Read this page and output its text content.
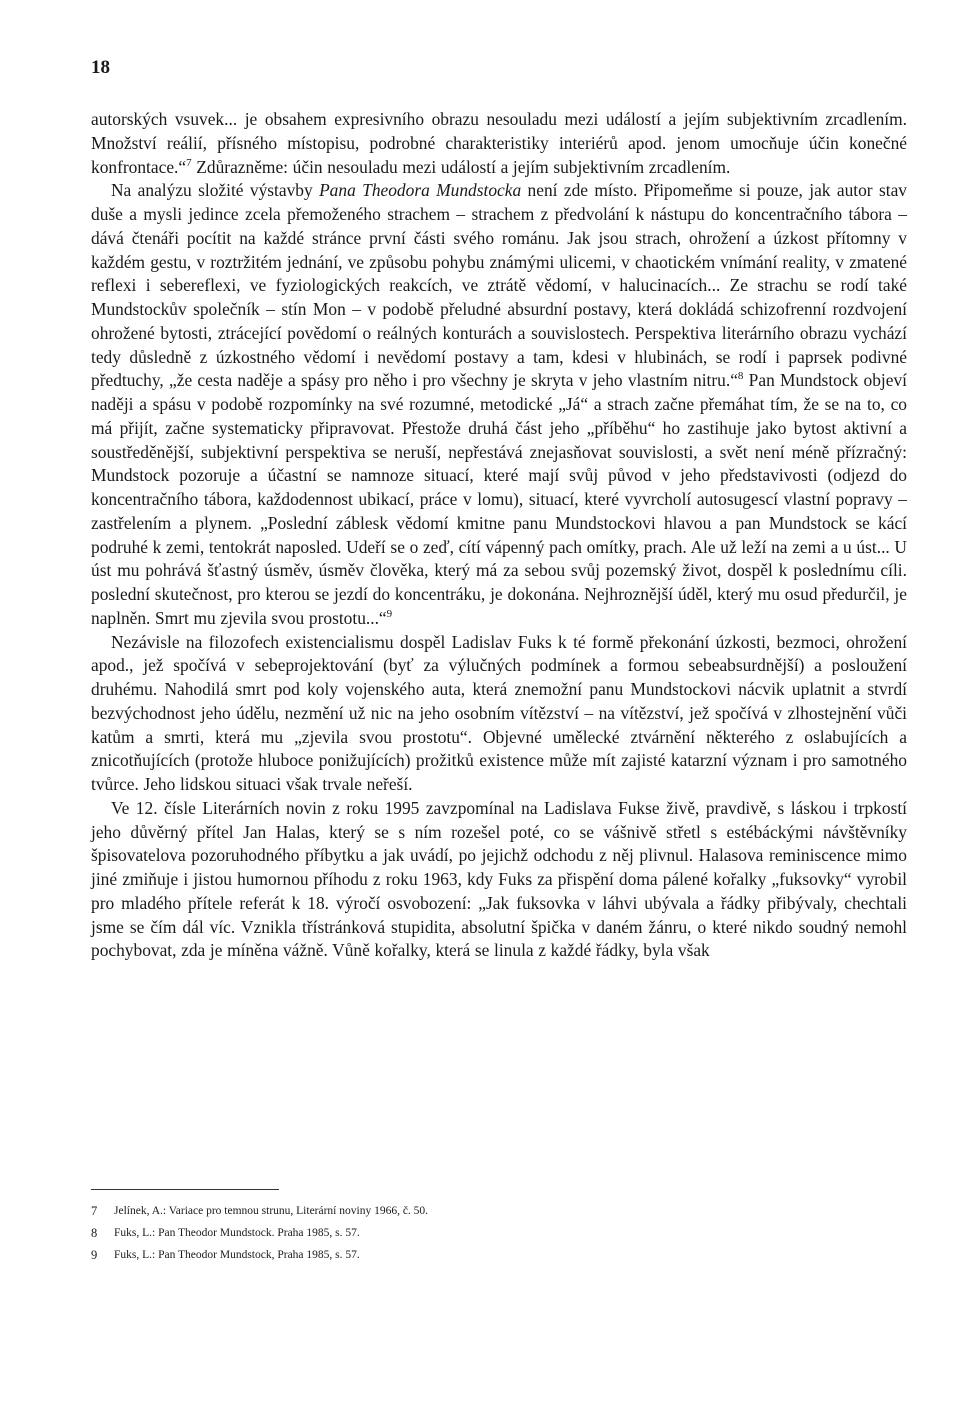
18

autorských vsuvek... je obsahem expresivního obrazu nesouladu mezi událostí a jejím subjektivním zrcadlením. Množství reálií, přísného místopisu, podrobné charakteristiky interiérů apod. jenom umocňuje účin konečné konfrontace.“$^7$ Zdůrazněme: účin nesouladu mezi událostí a jejím subjektivním zrcadlením.

Na analýzu složité výstavby Pana Theodora Mundstocka není zde místo. Připomeňme si pouze, jak autor stav duše a mysli jedince zcela přemoženého strachem – strachem z předvolání k nástupu do koncentračního tábora – dává čtenáři pocítit na každé stránce první části svého románu. Jak jsou strach, ohrožení a úzkost přítomny v každém gestu, v roztržitém jednání, ve způsobu pohybu známými ulicemi, v chaotickém vnímání reality, v zmatené reflexi i sebereflexi, ve fyziologických reakcích, ve ztrátě vědomí, v halucinacích... Ze strachu se rodí také Mundstockův společník – stín Mon – v podobě přeludné absurdní postavy, která dokládá schizofrenní rozdvojení ohrožené bytosti, ztrácející povědomí o reálných konturách a souvislostech. Perspektiva literárního obrazu vychází tedy důsledně z úzkostného vědomí i nevědomí postavy a tam, kdesi v hlubinách, se rodí i paprsek podivné předtuchy, „že cesta naděje a spásy pro něho i pro všechny je skryta v jeho vlastním nitru.“$^8$ Pan Mundstock objeví naději a spásu v podobě rozpomínky na své rozumné, metodické „Já“ a strach začne přemáhat tím, že se na to, co má přijít, začne systematicky připravovat. Přestože druhá část jeho „příběhu“ ho zastihuje jako bytost aktivní a soustředěnější, subjektivní perspektiva se neruší, nepřestává znejasňovat souvislosti, a svět není méně přízračný: Mundstock pozoruje a účastní se namnoze situací, které mají svůj původ v jeho představivosti (odjezd do koncentračního tábora, každodennost ubikací, práce v lomu), situací, které vyvrcholí autosugescí vlastní popravy – zastřelením a plynem. „Poslední záblesk vědomí kmitne panu Mundstockovi hlavou a pan Mundstock se kácí podruhé k zemi, tentokrát naposled. Udeří se o zeď, cítí vápenný pach omítky, prach. Ale už leží na zemi a u úst... U úst mu pohrává šťastný úsměv, úsměv člověka, který má za sebou svůj pozemský život, dospěl k poslednímu cíli. poslední skutečnost, pro kterou se jezdí do koncentráku, je dokonána. Nejhroznější úděl, který mu osud předurčil, je naplněn. Smrt mu zjevila svou prostotu...“$^9$

Nezávisle na filozofech existencialismu dospěl Ladislav Fuks k té formě překonání úzkosti, bezmoci, ohrožení apod., jež spočívá v sebeprojektování (byť za výlučných podmínek a formou sebeabsurdnější) a posloužení druhému. Nahodilá smrt pod koly vojenského auta, která znemožní panu Mundstockovi nácvik uplatnit a stvrdí bezvýchodnost jeho údělu, nezmění už nic na jeho osobním vítězství – na vítězství, jež spočívá v zlhostejnění vůči katům a smrti, která mu „zjevila svou prostotu“. Objevné umělecké ztvárnění některého z oslabujících a znicotňujících (protože hluboce ponižujících) prožitků existence může mít zajisté katarzní význam i pro samotného tvůrce. Jeho lidskou situaci však trvale neřeší.

Ve 12. čísle Literárních novin z roku 1995 zavzpomínal na Ladislava Fukse živě, pravdivě, s láskou i trpkostí jeho důvěrný přítel Jan Halas, který se s ním rozešel poté, co se vášnivě střetl s estébáckými návštěvníky špisovatelova pozoruhodného příbytku a jak uvádí, po jejichž odchodu z něj plivnul. Halasova reminiscence mimo jiné zmiňuje i jistou humornou příhodu z roku 1963, kdy Fuks za přispění doma pálené kořalky „fuksovky“ vyrobil pro mladého přítele referát k 18. výročí osvobození: „Jak fuksovka v láhvi ubývala a řádky přibývaly, chechtali jsme se čím dál víc. Vznikla třístránková stupidita, absolutní špička v daném žánru, o které nikdo soudný nemohl pochybovat, zda je míněna vážně. Vůně kořalky, která se linula z každé řádky, byla však

7	Jelínek, A.: Variace pro temnou strunu, Literární noviny 1966, č. 50.

8	Fuks, L.: Pan Theodor Mundstock. Praha 1985, s. 57.

9	Fuks, L.: Pan Theodor Mundstock, Praha 1985, s. 57.
